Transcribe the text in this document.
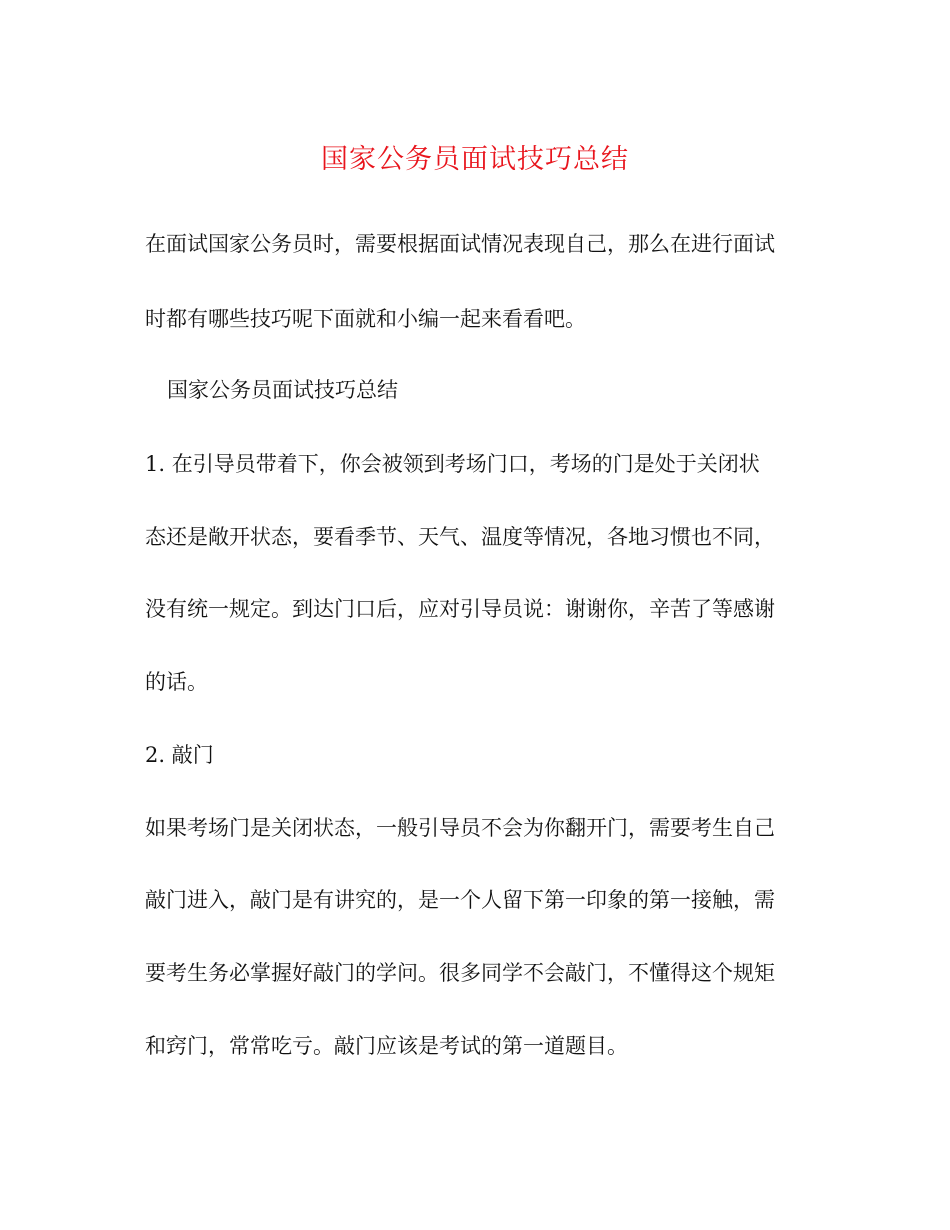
国家公务员面试技巧总结
在面试国家公务员时，需要根据面试情况表现自己，那么在进行面试
时都有哪些技巧呢下面就和小编一起来看看吧。
国家公务员面试技巧总结
1. 在引导员带着下，你会被领到考场门口，考场的门是处于关闭状
态还是敞开状态，要看季节、天气、温度等情况，各地习惯也不同，
没有统一规定。到达门口后，应对引导员说：谢谢你，辛苦了等感谢
的话。
2. 敲门
如果考场门是关闭状态，一般引导员不会为你翻开门，需要考生自己
敲门进入，敲门是有讲究的，是一个人留下第一印象的第一接触，需
要考生务必掌握好敲门的学问。很多同学不会敲门，不懂得这个规矩
和窍门，常常吃亏。敲门应该是考试的第一道题目。
